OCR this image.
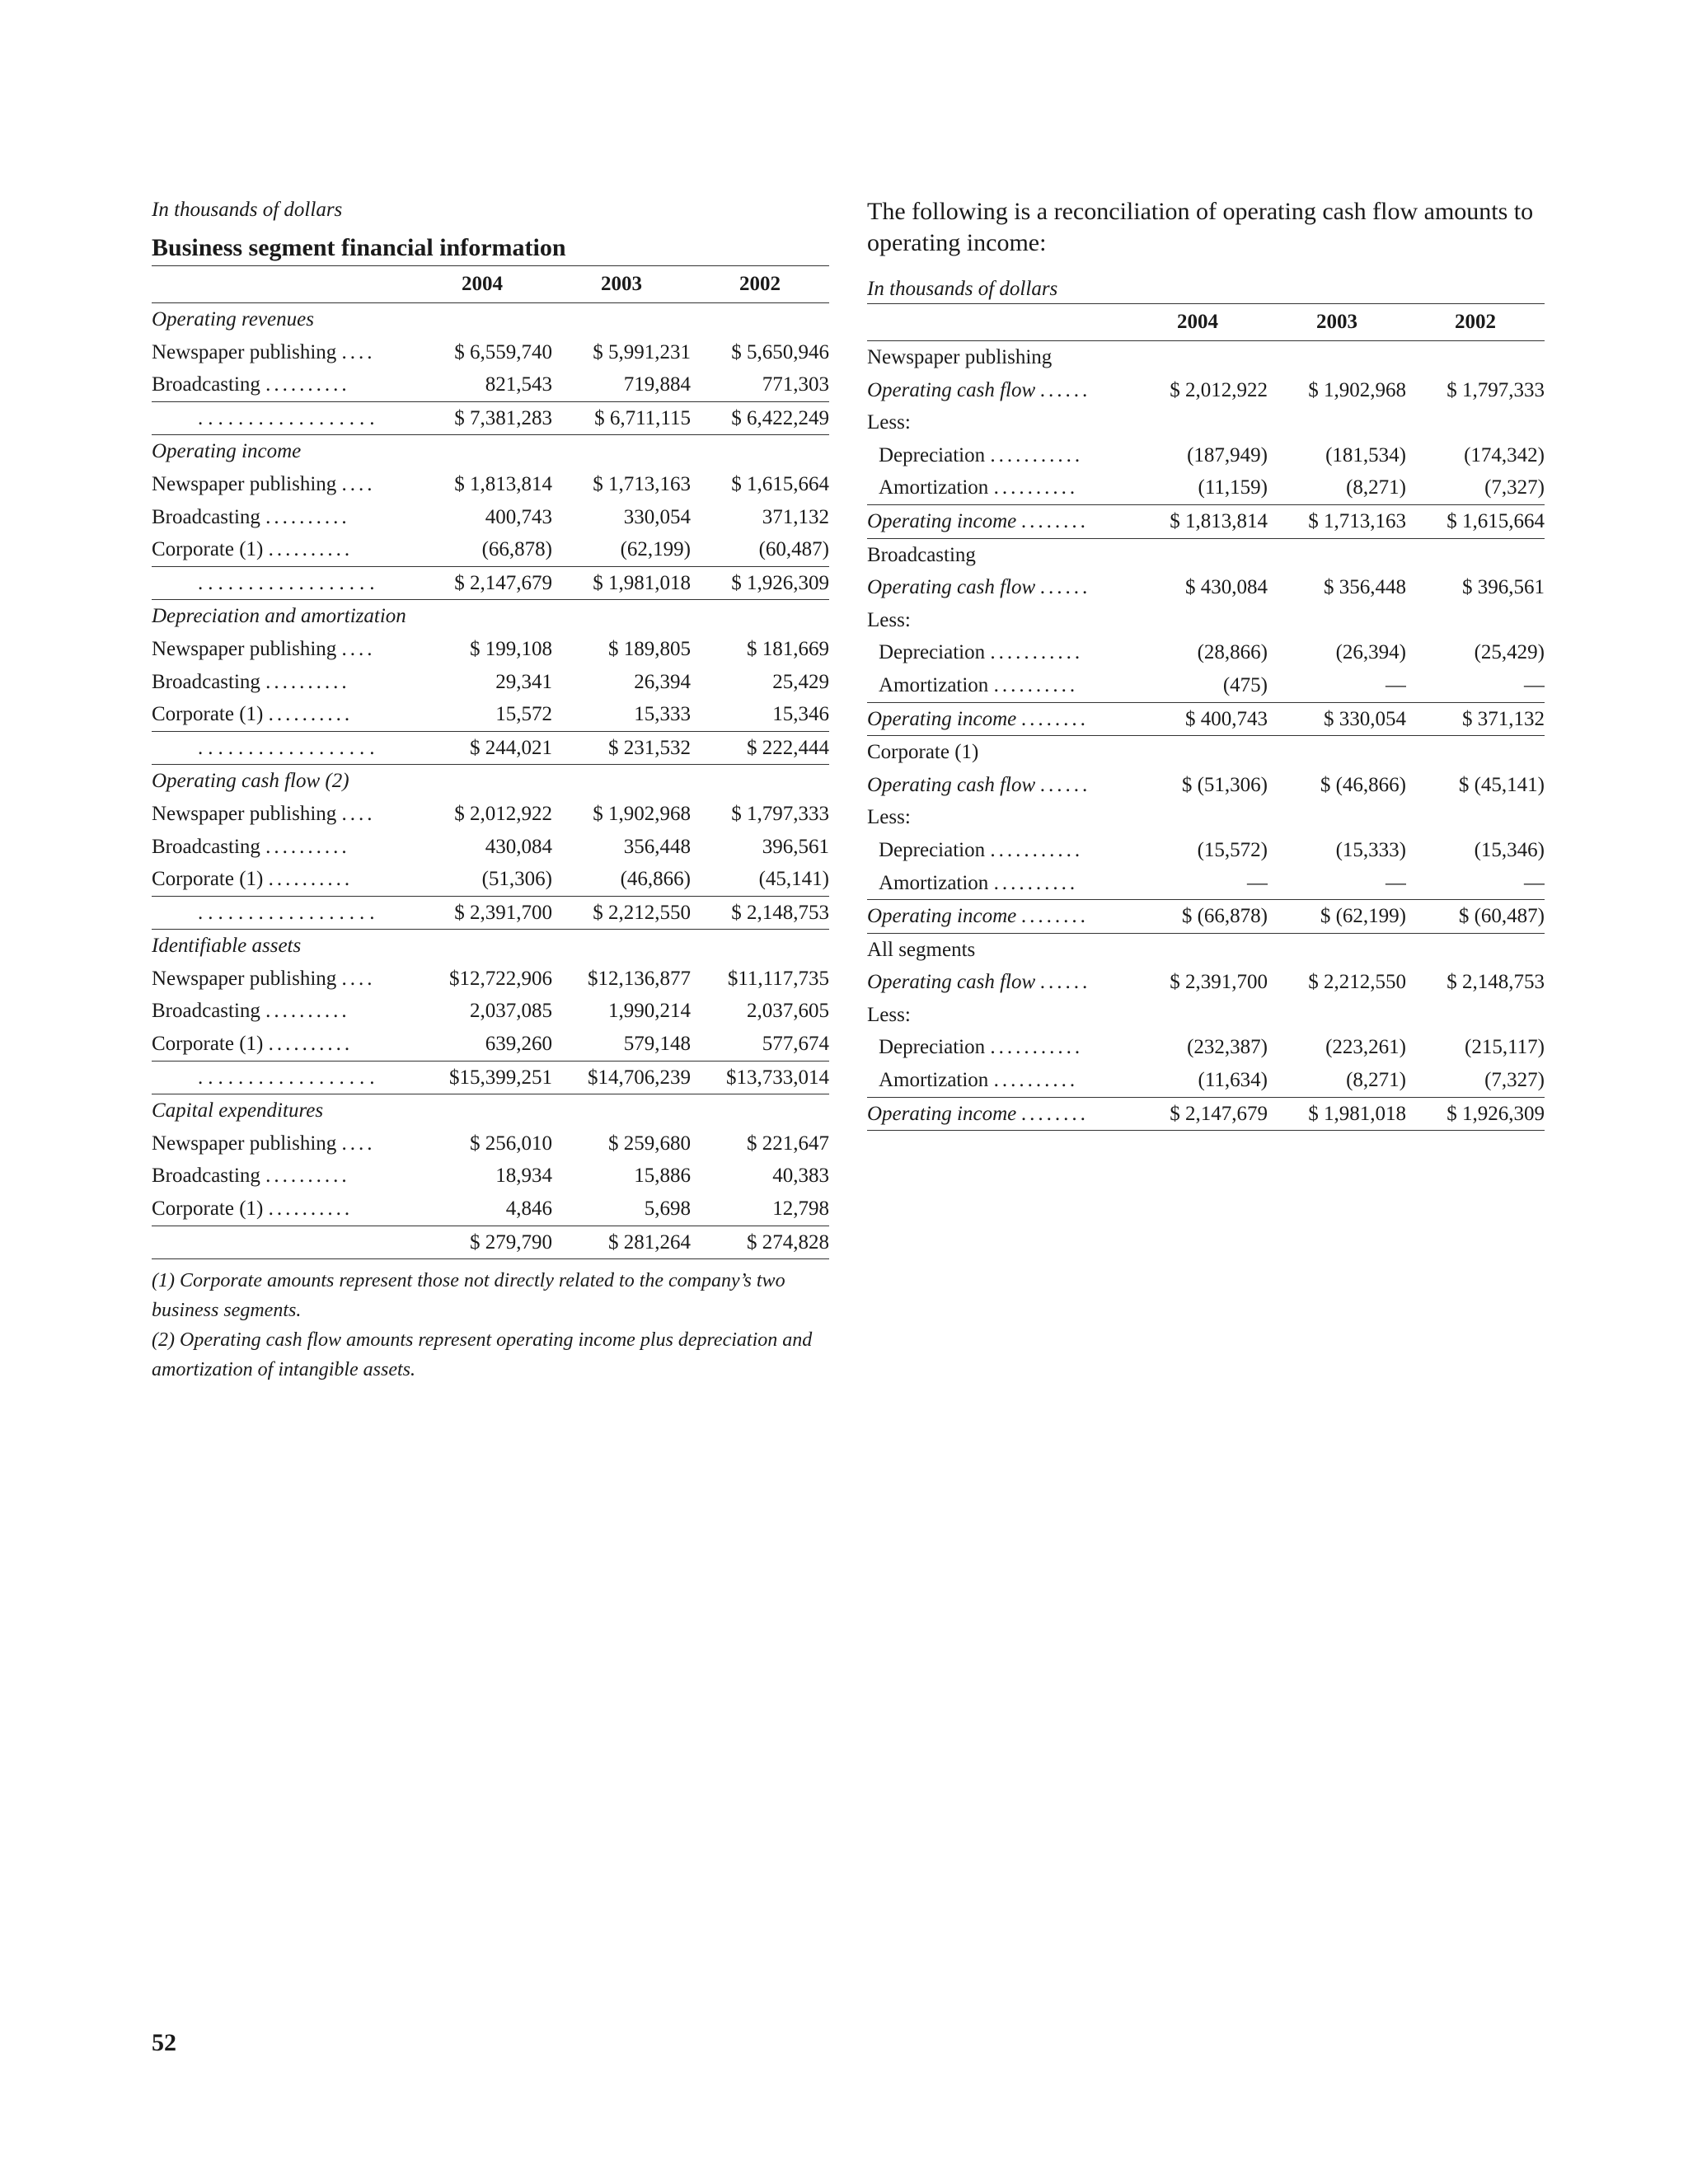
In thousands of dollars
Business segment financial information
	2004	2003	2002
Operating revenues			
Newspaper publishing ....	$ 6,559,740	$ 5,991,231	$ 5,650,946
Broadcasting ..........	821,543	719,884	771,303
..................	$ 7,381,283	$ 6,711,115	$ 6,422,249
Operating income			
Newspaper publishing ....	$ 1,813,814	$ 1,713,163	$ 1,615,664
Broadcasting ..........	400,743	330,054	371,132
Corporate (1) ..........	(66,878)	(62,199)	(60,487)
..................	$ 2,147,679	$ 1,981,018	$ 1,926,309
Depreciation and amortization			
Newspaper publishing ....	$ 199,108	$ 189,805	$ 181,669
Broadcasting ..........	29,341	26,394	25,429
Corporate (1) ..........	15,572	15,333	15,346
..................	$ 244,021	$ 231,532	$ 222,444
Operating cash flow (2)			
Newspaper publishing ....	$ 2,012,922	$ 1,902,968	$ 1,797,333
Broadcasting ..........	430,084	356,448	396,561
Corporate (1) ..........	(51,306)	(46,866)	(45,141)
..................	$ 2,391,700	$ 2,212,550	$ 2,148,753
Identifiable assets			
Newspaper publishing ....	$12,722,906	$12,136,877	$11,117,735
Broadcasting ..........	2,037,085	1,990,214	2,037,605
Corporate (1) ..........	639,260	579,148	577,674
..................	$15,399,251	$14,706,239	$13,733,014
Capital expenditures			
Newspaper publishing ....	$ 256,010	$ 259,680	$ 221,647
Broadcasting ..........	18,934	15,886	40,383
Corporate (1) ..........	4,846	5,698	12,798
	$ 279,790	$ 281,264	$ 274,828
(1) Corporate amounts represent those not directly related to the company’s two business segments.
(2) Operating cash flow amounts represent operating income plus depreciation and amortization of intangible assets.
The following is a reconciliation of operating cash flow amounts to operating income:
In thousands of dollars
	2004	2003	2002
Newspaper publishing			
Operating cash flow ......	$ 2,012,922	$ 1,902,968	$ 1,797,333
Less:			
Depreciation ...........	(187,949)	(181,534)	(174,342)
Amortization ..........	(11,159)	(8,271)	(7,327)
Operating income ........	$ 1,813,814	$ 1,713,163	$ 1,615,664
Broadcasting			
Operating cash flow ......	$ 430,084	$ 356,448	$ 396,561
Less:			
Depreciation ...........	(28,866)	(26,394)	(25,429)
Amortization ..........	(475)	—	—
Operating income ........	$ 400,743	$ 330,054	$ 371,132
Corporate (1)			
Operating cash flow ......	$ (51,306)	$ (46,866)	$ (45,141)
Less:			
Depreciation ...........	(15,572)	(15,333)	(15,346)
Amortization ..........	—	—	—
Operating income ........	$ (66,878)	$ (62,199)	$ (60,487)
All segments			
Operating cash flow ......	$ 2,391,700	$ 2,212,550	$ 2,148,753
Less:			
Depreciation ...........	(232,387)	(223,261)	(215,117)
Amortization ..........	(11,634)	(8,271)	(7,327)
Operating income ........	$ 2,147,679	$ 1,981,018	$ 1,926,309
52
